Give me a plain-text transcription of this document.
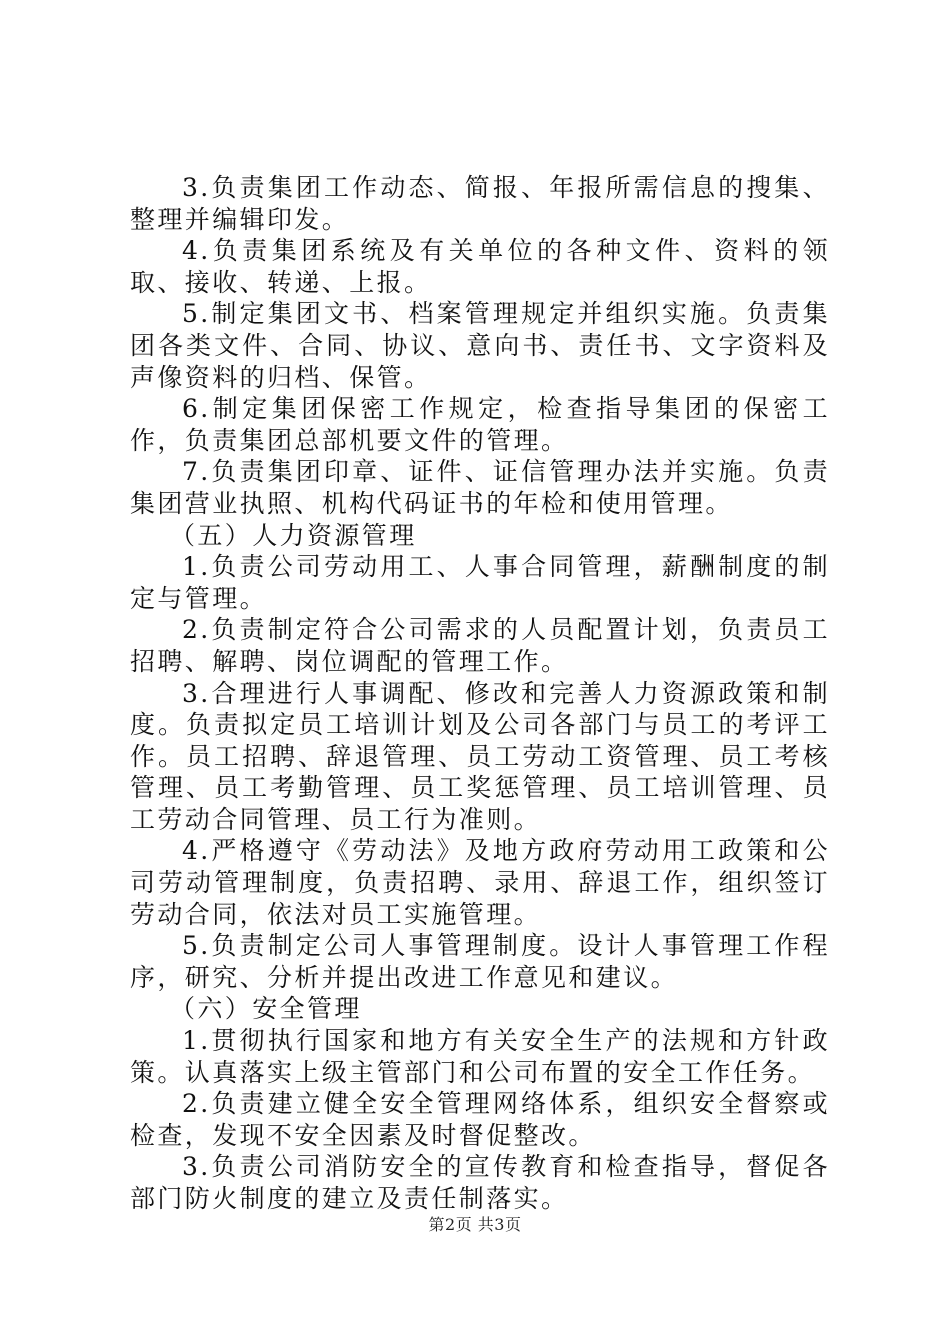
3.负责集团工作动态、简报、年报所需信息的搜集、整理并编辑印发。

4.负责集团系统及有关单位的各种文件、资料的领取、接收、转递、上报。

5.制定集团文书、档案管理规定并组织实施。负责集团各类文件、合同、协议、意向书、责任书、文字资料及声像资料的归档、保管。

6.制定集团保密工作规定，检查指导集团的保密工作，负责集团总部机要文件的管理。

7.负责集团印章、证件、证信管理办法并实施。负责集团营业执照、机构代码证书的年检和使用管理。

（五）人力资源管理

1.负责公司劳动用工、人事合同管理，薪酬制度的制定与管理。

2.负责制定符合公司需求的人员配置计划，负责员工招聘、解聘、岗位调配的管理工作。

3.合理进行人事调配、修改和完善人力资源政策和制度。负责拟定员工培训计划及公司各部门与员工的考评工作。员工招聘、辞退管理、员工劳动工资管理、员工考核管理、员工考勤管理、员工奖惩管理、员工培训管理、员工劳动合同管理、员工行为准则。

4.严格遵守《劳动法》及地方政府劳动用工政策和公司劳动管理制度，负责招聘、录用、辞退工作，组织签订劳动合同，依法对员工实施管理。

5.负责制定公司人事管理制度。设计人事管理工作程序，研究、分析并提出改进工作意见和建议。

（六）安全管理

1.贯彻执行国家和地方有关安全生产的法规和方针政策。认真落实上级主管部门和公司布置的安全工作任务。

2.负责建立健全安全管理网络体系，组织安全督察或检查，发现不安全因素及时督促整改。

3.负责公司消防安全的宣传教育和检查指导，督促各部门防火制度的建立及责任制落实。

第2页 共3页
